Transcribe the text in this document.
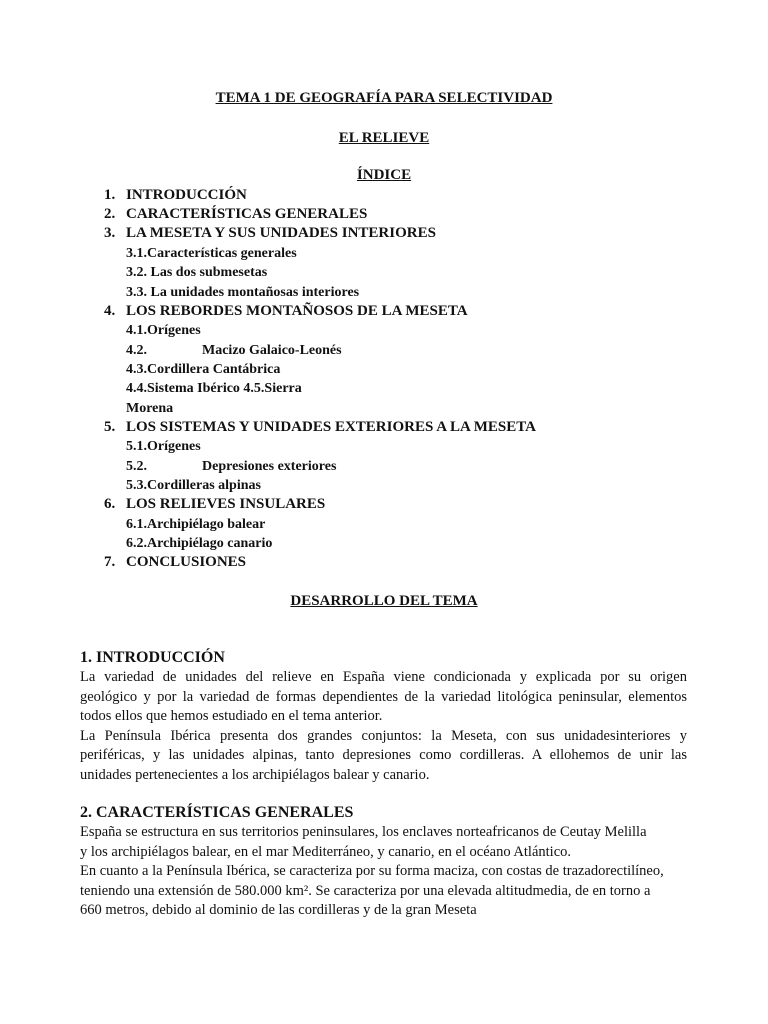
TEMA 1 DE GEOGRAFÍA PARA SELECTIVIDAD
EL RELIEVE
ÍNDICE
1. INTRODUCCIÓN
2. CARACTERÍSTICAS GENERALES
3. LA MESETA Y SUS UNIDADES INTERIORES
3.1.Características generales
3.2. Las dos submesetas
3.3. La unidades montañosas interiores
4. LOS REBORDES MONTAÑOSOS DE LA MESETA
4.1.Orígenes
4.2.	Macizo Galaico-Leonés
4.3.Cordillera Cantábrica
4.4.Sistema Ibérico 4.5.Sierra
Morena
5. LOS SISTEMAS Y UNIDADES EXTERIORES A LA MESETA
5.1.Orígenes
5.2.	Depresiones exteriores
5.3.Cordilleras alpinas
6. LOS RELIEVES INSULARES
6.1.Archipiélago balear
6.2.Archipiélago canario
7. CONCLUSIONES
DESARROLLO DEL TEMA
1. INTRODUCCIÓN
La variedad de unidades del relieve en España viene condicionada y explicada por su origen
geológico y por la variedad de formas dependientes de la variedad litológica peninsular, elementos
todos ellos que hemos estudiado en el tema anterior.
La Península Ibérica presenta dos grandes conjuntos: la Meseta, con sus unidadesinteriores y
periféricas, y las unidades alpinas, tanto depresiones como cordilleras. A ellohemos de unir las
unidades pertenecientes a los archipiélagos balear y canario.
2. CARACTERÍSTICAS GENERALES
España se estructura en sus territorios peninsulares, los enclaves norteafricanos de Ceutay Melilla
y los archipiélagos balear, en el mar Mediterráneo, y canario, en el océano Atlántico.
En cuanto a la Península Ibérica, se caracteriza por su forma maciza, con costas de trazadorectilíneo,
teniendo una extensión de 580.000 km². Se caracteriza por una elevada altitudmedia, de en torno a
660 metros, debido al dominio de las cordilleras y de la gran Meseta
